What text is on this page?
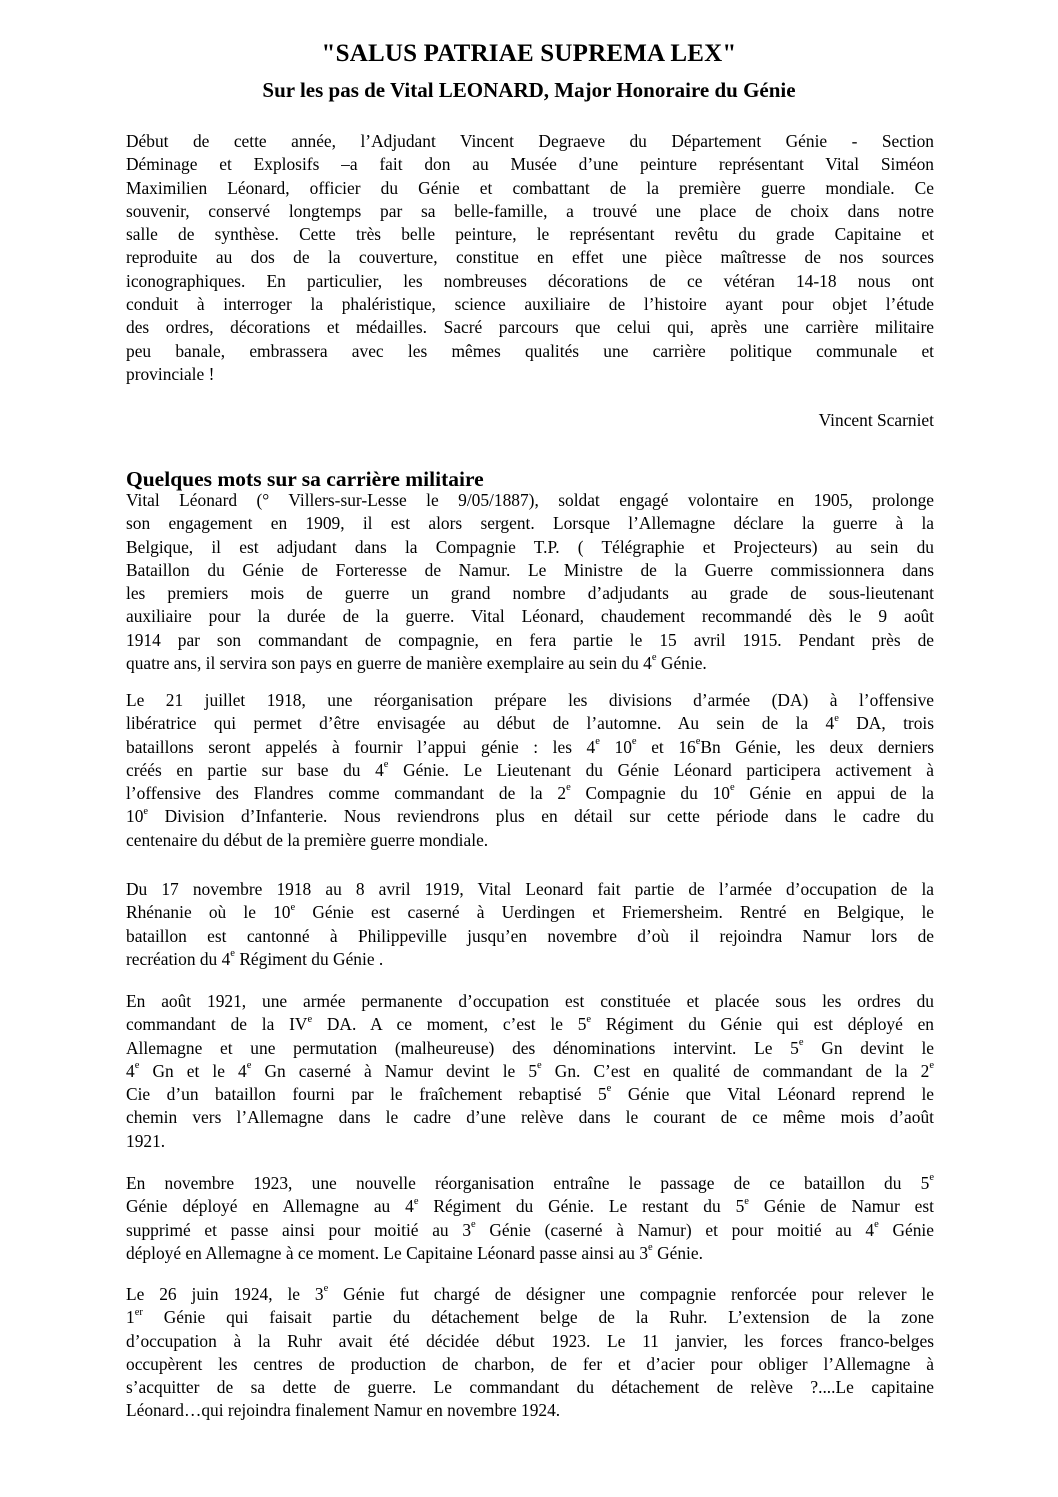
"SALUS PATRIAE SUPREMA LEX"
Sur les pas de Vital LEONARD, Major Honoraire du Génie
Début de cette année, l’Adjudant Vincent Degraeve du Département Génie - Section
Déminage et Explosifs –a fait don au Musée d’une peinture représentant Vital Siméon
Maximilien Léonard, officier du Génie et combattant de la première guerre mondiale. Ce
souvenir, conservé longtemps par sa belle-famille, a trouvé une place de choix dans notre
salle de synthèse. Cette très belle peinture, le représentant revêtu du grade Capitaine et
reproduite au dos de la couverture, constitue en effet une pièce maîtresse de nos sources
iconographiques. En particulier, les nombreuses décorations de ce vétéran 14-18 nous ont
conduit à interroger la phaléristique, science auxiliaire de l’histoire ayant pour objet l’étude
des ordres, décorations et médailles. Sacré parcours que celui qui, après une carrière militaire
peu banale, embrassera avec les mêmes qualités une carrière politique communale et
provinciale !
Vincent Scarniet
Quelques mots sur sa carrière militaire
Vital Léonard (° Villers-sur-Lesse le 9/05/1887), soldat engagé volontaire en 1905, prolonge
son engagement en 1909, il est alors sergent. Lorsque l’Allemagne déclare la guerre à la
Belgique, il est adjudant dans la Compagnie T.P. ( Télégraphie et Projecteurs) au sein du
Bataillon du Génie de Forteresse de Namur. Le Ministre de la Guerre commissionnera dans
les premiers mois de guerre un grand nombre d’adjudants au grade de sous-lieutenant
auxiliaire pour la durée de la guerre. Vital Léonard, chaudement recommandé dès le 9 août
1914 par son commandant de compagnie, en fera partie le 15 avril 1915. Pendant près de
quatre ans, il servira son pays en guerre de manière exemplaire au sein du 4e Génie.
Le 21 juillet 1918, une réorganisation prépare les divisions d’armée (DA) à l’offensive
libératrice qui permet d’être envisagée au début de l’automne. Au sein de la 4e DA, trois
bataillons seront appelés à fournir l’appui génie : les 4e 10e et 16eBn Génie, les deux derniers
créés en partie sur base du 4e Génie. Le Lieutenant du Génie Léonard participera activement à
l’offensive des Flandres comme commandant de la 2e Compagnie du 10e Génie en appui de la
10e Division d’Infanterie. Nous reviendrons plus en détail sur cette période dans le cadre du
centenaire du début de la première guerre mondiale.
Du 17 novembre 1918 au 8 avril 1919, Vital Leonard fait partie de l’armée d’occupation de la
Rhénanie où le 10e Génie est caserné à Uerdingen et Friemersheim. Rentré en Belgique, le
bataillon est cantonné à Philippeville jusqu’en novembre d’où il rejoindra Namur lors de
recréation du 4e Régiment du Génie .
En août 1921, une armée permanente d’occupation est constituée et placée sous les ordres du
commandant de la IVe DA. A ce moment, c’est le 5e Régiment du Génie qui est déployé en
Allemagne et une permutation (malheureuse) des dénominations intervint. Le 5e Gn devint le
4e Gn et le 4e Gn caserné à Namur devint le 5e Gn. C’est en qualité de commandant de la 2e
Cie d’un bataillon fourni par le fraîchement rebaptisé 5e Génie que Vital Léonard reprend le
chemin vers l’Allemagne dans le cadre d’une relève dans le courant de ce même mois d’août
1921.
En novembre 1923, une nouvelle réorganisation entraîne le passage de ce bataillon du 5e
Génie déployé en Allemagne au 4e Régiment du Génie. Le restant du 5e Génie de Namur est
supprimé et passe ainsi pour moitié au 3e Génie (caserné à Namur) et pour moitié au 4e Génie
déployé en Allemagne à ce moment. Le Capitaine Léonard passe ainsi au 3e Génie.
Le 26 juin 1924, le 3e Génie fut chargé de désigner une compagnie renforcée pour relever le
1er Génie qui faisait partie du détachement belge de la Ruhr. L’extension de la zone
d’occupation à la Ruhr avait été décidée début 1923. Le 11 janvier, les forces franco-belges
occupèrent les centres de production de charbon, de fer et d’acier pour obliger l’Allemagne à
s’acquitter de sa dette de guerre. Le commandant du détachement de relève ?....Le capitaine
Léonard…qui rejoindra finalement Namur en novembre 1924.
